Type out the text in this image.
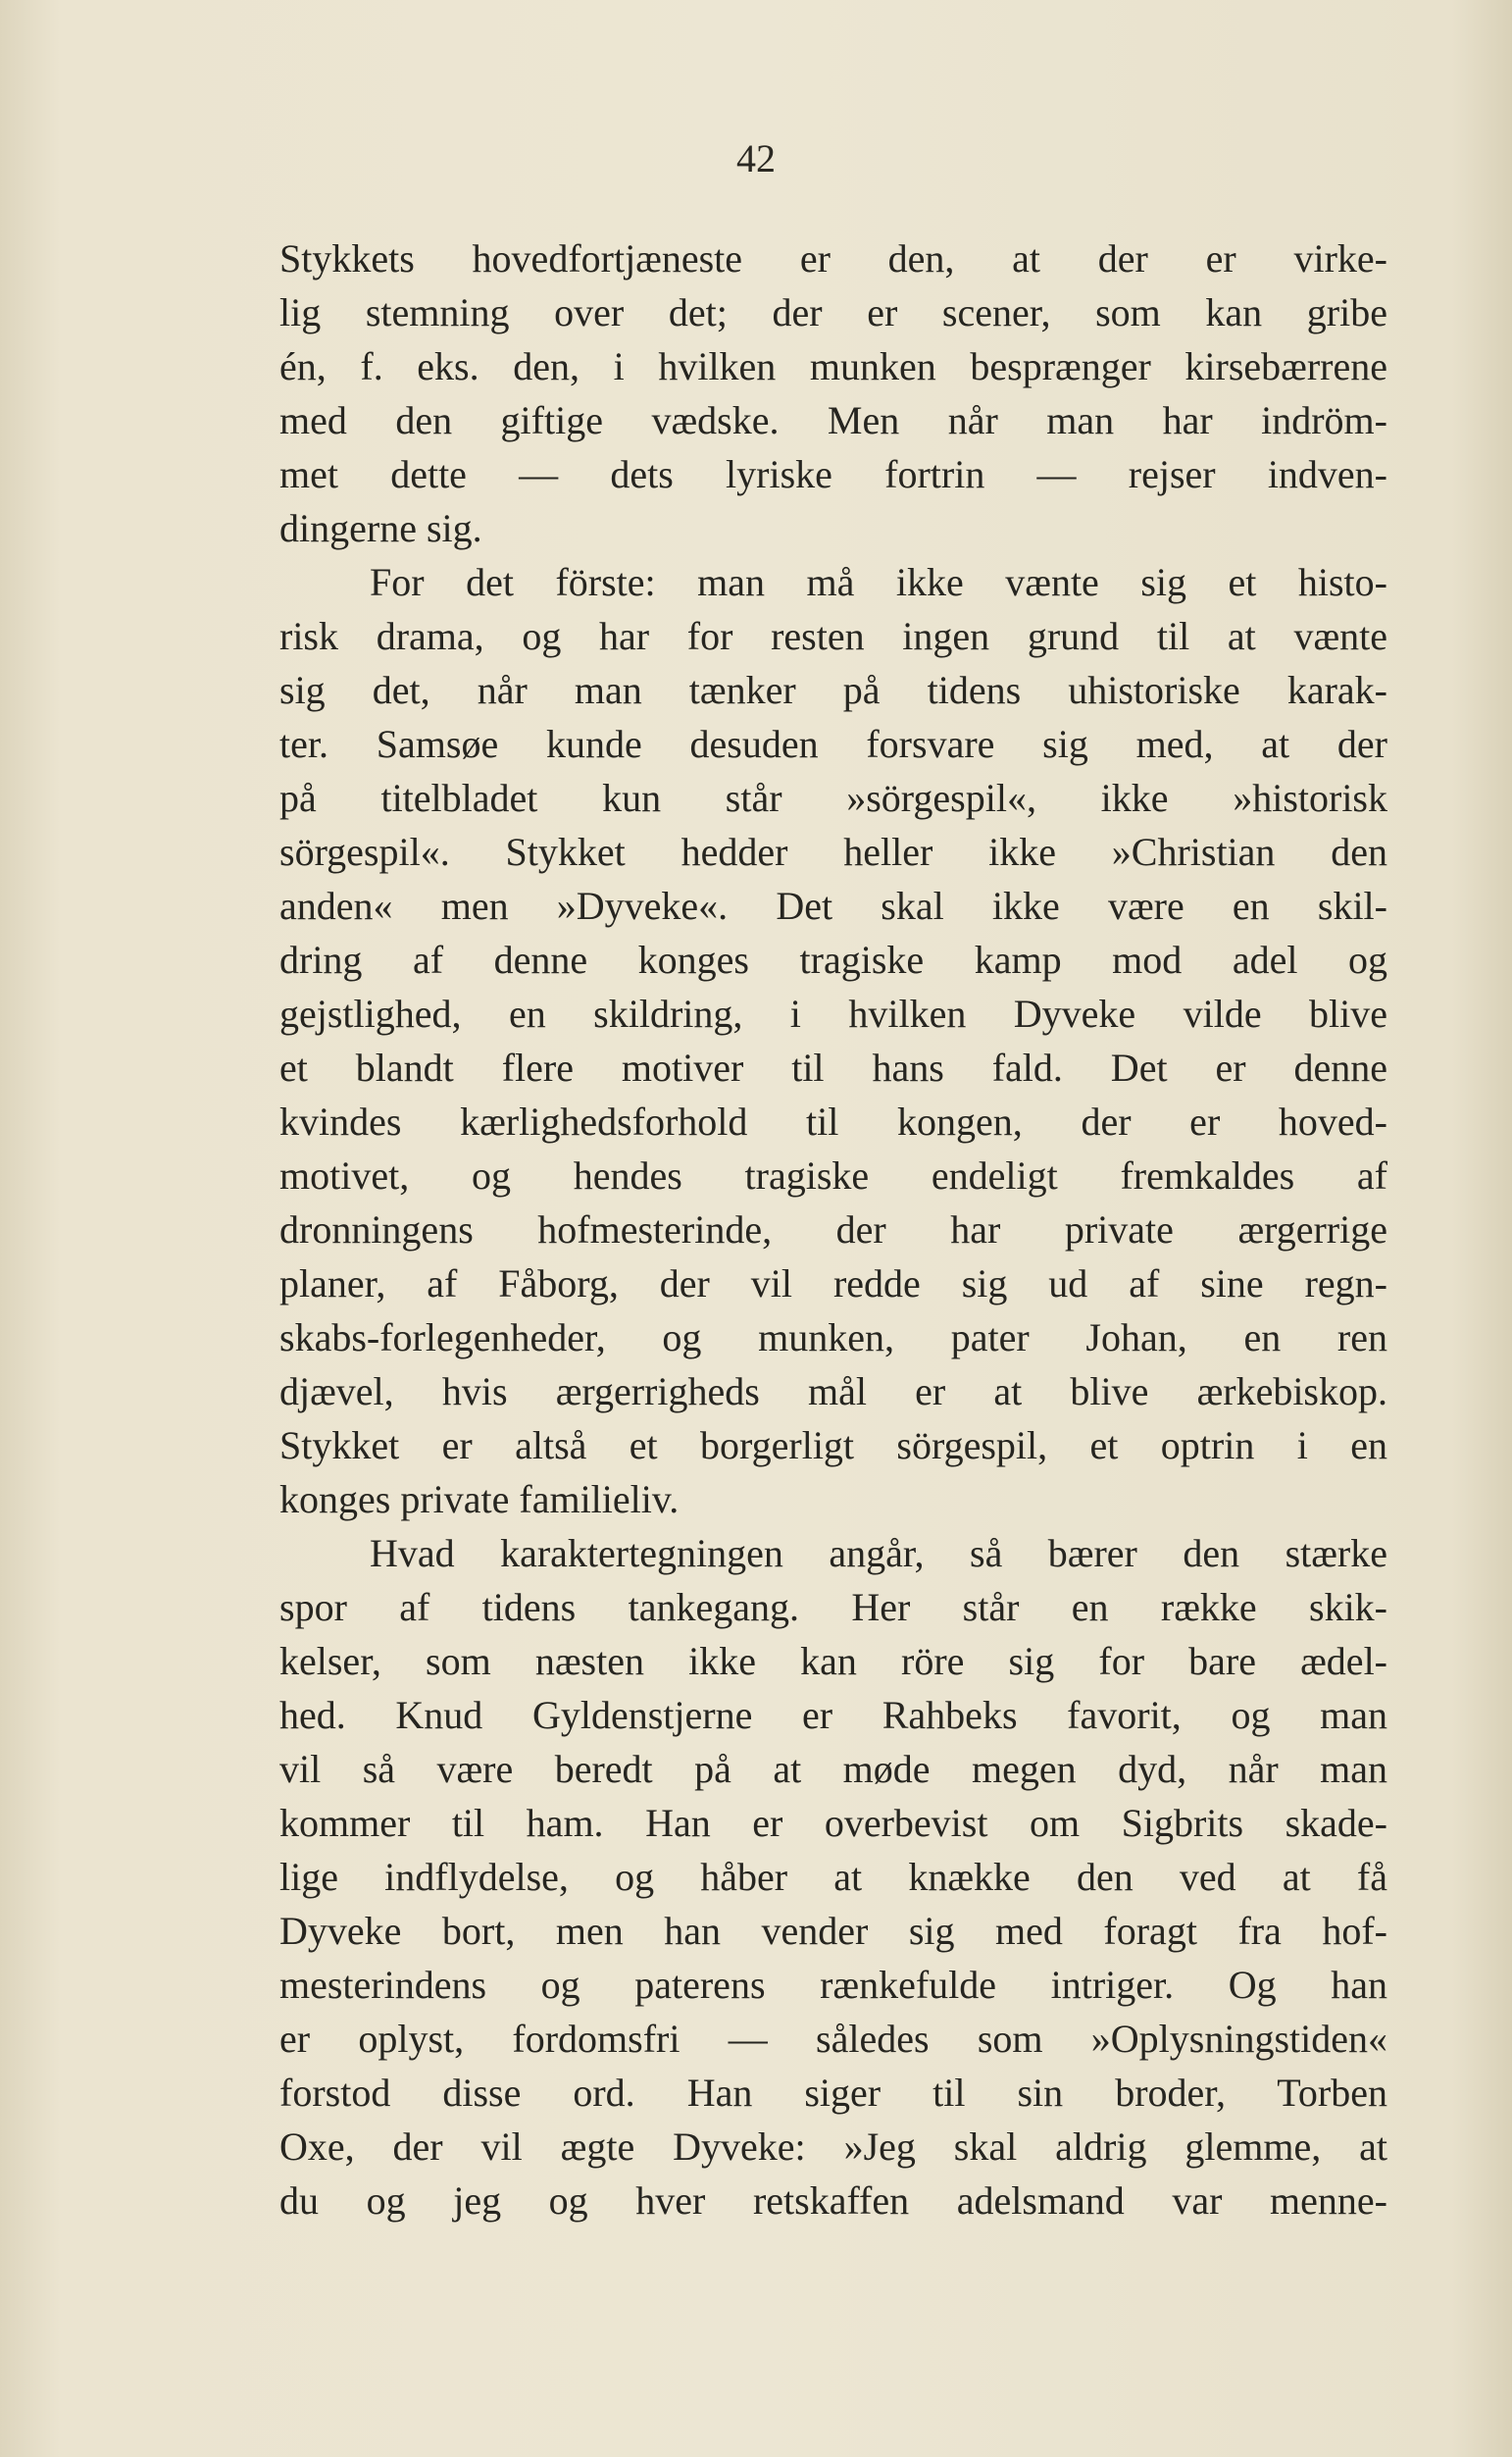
42
Stykkets hovedfortjæneste er den, at der er virke-
lig stemning over det; der er scener, som kan gribe
én, f. eks. den, i hvilken munken besprænger kirsebærrene
med den giftige vædske. Men når man har indröm-
met dette — dets lyriske fortrin — rejser indven-
dingerne sig.
For det förste: man må ikke vænte sig et histo-
risk drama, og har for resten ingen grund til at vænte
sig det, når man tænker på tidens uhistoriske karak-
ter. Samsøe kunde desuden forsvare sig med, at der
på titelbladet kun står »sörgespil«, ikke »historisk
sörgespil«. Stykket hedder heller ikke »Christian den
anden« men »Dyveke«. Det skal ikke være en skil-
dring af denne konges tragiske kamp mod adel og
gejstlighed, en skildring, i hvilken Dyveke vilde blive
et blandt flere motiver til hans fald. Det er denne
kvindes kærlighedsforhold til kongen, der er hoved-
motivet, og hendes tragiske endeligt fremkaldes af
dronningens hofmesterinde, der har private ærgerrige
planer, af Fåborg, der vil redde sig ud af sine regn-
skabs-forlegenheder, og munken, pater Johan, en ren
djævel, hvis ærgerrigheds mål er at blive ærkebiskop.
Stykket er altså et borgerligt sörgespil, et optrin i en
konges private familieliv.
Hvad karaktertegningen angår, så bærer den stærke
spor af tidens tankegang. Her står en række skik-
kelser, som næsten ikke kan röre sig for bare ædel-
hed. Knud Gyldenstjerne er Rahbeks favorit, og man
vil så være beredt på at møde megen dyd, når man
kommer til ham. Han er overbevist om Sigbrits skade-
lige indflydelse, og håber at knække den ved at få
Dyveke bort, men han vender sig med foragt fra hof-
mesterindens og paterens rænkefulde intriger. Og han
er oplyst, fordomsfri — således som »Oplysningstiden«
forstod disse ord. Han siger til sin broder, Torben
Oxe, der vil ægte Dyveke: »Jeg skal aldrig glemme, at
du og jeg og hver retskaffen adelsmand var menne-
